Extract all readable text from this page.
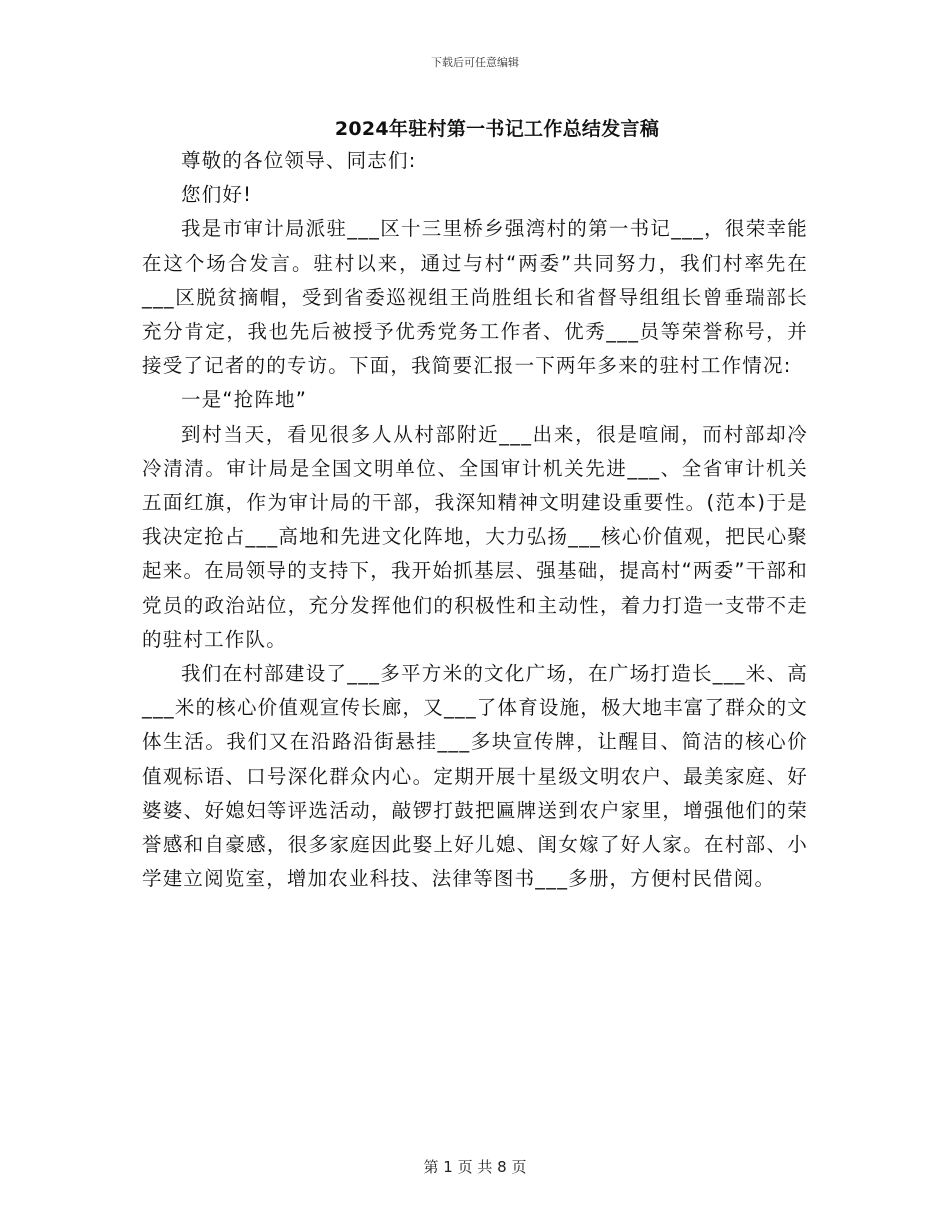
下载后可任意编辑
2024年驻村第一书记工作总结发言稿

尊敬的各位领导、同志们:

您们好!

我是市审计局派驻___区十三里桥乡强湾村的第一书记___，很荣幸能在这个场合发言。驻村以来，通过与村“两委”共同努力，我们村率先在___区脱贫摘帽，受到省委巡视组王尚胜组长和省督导组组长曾垂瑞部长充分肯定，我也先后被授予优秀党务工作者、优秀___员等荣誉称号，并接受了记者的的专访。下面，我简要汇报一下两年多来的驻村工作情况:

一是“抢阵地”

到村当天，看见很多人从村部附近___出来，很是喧闹，而村部却冷冷清清。审计局是全国文明单位、全国审计机关先进___、全省审计机关五面红旗，作为审计局的干部，我深知精神文明建设重要性。(范本)于是我决定抢占___高地和先进文化阵地，大力弘扬___核心价值观，把民心聚起来。在局领导的支持下，我开始抓基层、强基础，提高村“两委”干部和党员的政治站位，充分发挥他们的积极性和主动性，着力打造一支带不走的驻村工作队。

我们在村部建设了___多平方米的文化广场，在广场打造长___米、高___米的核心价值观宣传长廊，又___了体育设施，极大地丰富了群众的文体生活。我们又在沿路沿街悬挂___多块宣传牌，让醒目、简洁的核心价值观标语、口号深化群众内心。定期开展十星级文明农户、最美家庭、好婆婆、好媳妇等评选活动，敲锣打鼓把匾牌送到农户家里，增强他们的荣誉感和自豪感，很多家庭因此娶上好儿媳、闺女嫁了好人家。在村部、小学建立阅览室，增加农业科技、法律等图书___多册，方便村民借阅。

第 1 页 共 8 页
